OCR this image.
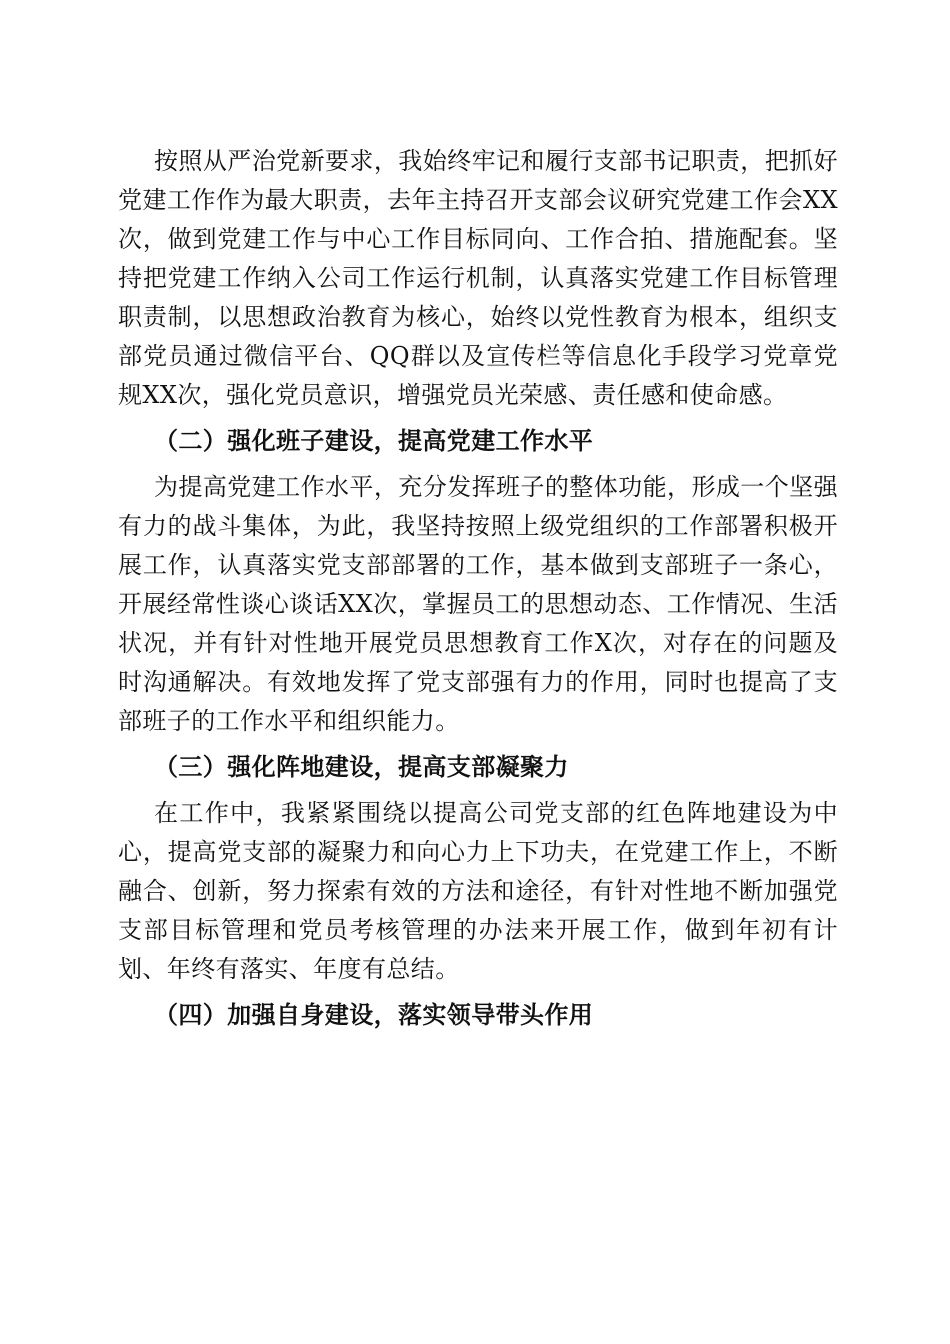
按照从严治党新要求，我始终牢记和履行支部书记职责，把抓好党建工作作为最大职责，去年主持召开支部会议研究党建工作会XX次，做到党建工作与中心工作目标同向、工作合拍、措施配套。坚持把党建工作纳入公司工作运行机制，认真落实党建工作目标管理职责制，以思想政治教育为核心，始终以党性教育为根本，组织支部党员通过微信平台、QQ群以及宣传栏等信息化手段学习党章党规XX次，强化党员意识，增强党员光荣感、责任感和使命感。

（二）强化班子建设，提高党建工作水平

为提高党建工作水平，充分发挥班子的整体功能，形成一个坚强有力的战斗集体，为此，我坚持按照上级党组织的工作部署积极开展工作，认真落实党支部部署的工作，基本做到支部班子一条心，开展经常性谈心谈话XX次，掌握员工的思想动态、工作情况、生活状况，并有针对性地开展党员思想教育工作X次，对存在的问题及时沟通解决。有效地发挥了党支部强有力的作用，同时也提高了支部班子的工作水平和组织能力。

（三）强化阵地建设，提高支部凝聚力

在工作中，我紧紧围绕以提高公司党支部的红色阵地建设为中心，提高党支部的凝聚力和向心力上下功夫，在党建工作上，不断融合、创新，努力探索有效的方法和途径，有针对性地不断加强党支部目标管理和党员考核管理的办法来开展工作，做到年初有计划、年终有落实、年度有总结。

（四）加强自身建设，落实领导带头作用
